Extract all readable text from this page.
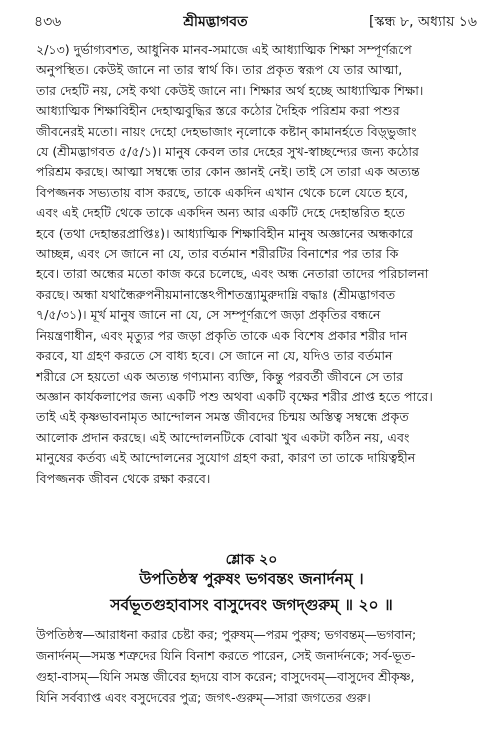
৪৩৬	শ্রীমদ্ভাগবত	[স্কন্ধ ৮, অধ্যায় ১৬
২/১৩) দুর্ভাগ্যবশত, আধুনিক মানব-সমাজে এই আধ্যাত্মিক শিক্ষা সম্পূর্ণরূপে
অনুপস্থিত। কেউই জানে না তার স্বার্থ কি। তার প্রকৃত স্বরূপ যে তার আত্মা,
তার দেহটি নয়, সেই কথা কেউই জানে না। শিক্ষার অর্থ হচ্ছে আধ্যাত্মিক শিক্ষা।
আধ্যাত্মিক শিক্ষাবিহীন দেহাত্মবুদ্ধির স্তরে কঠোর দৈহিক পরিশ্রম করা পশুর
জীবনেরই মতো। নায়ং দেহো দেহভাজাং নৃলোকে কষ্টান্ কামানর্হতে বিড়্‌ভুজাং
যে (শ্রীমদ্ভাগবত ৫/৫/১)। মানুষ কেবল তার দেহের সুখ-স্বাচ্ছন্দ্যের জন্য কঠোর
পরিশ্রম করছে। আত্মা সম্বন্ধে তার কোন জ্ঞানই নেই। তাই সে তারা এক অত্যন্ত
বিপজ্জনক সভ্যতায় বাস করছে, তাকে একদিন এখান থেকে চলে যেতে হবে,
এবং এই দেহটি থেকে তাকে একদিন অন্য আর একটি দেহে দেহান্তরিত হতে
হবে (তথা দেহান্তরপ্রাপ্তিঃ)। আধ্যাত্মিক শিক্ষাবিহীন মানুষ অজ্ঞানের অন্ধকারে
আচ্ছন্ন, এবং সে জানে না যে, তার বর্তমান শরীরটির বিনাশের পর তার কি
হবে। তারা অন্ধের মতো কাজ করে চলেছে, এবং অন্ধ নেতারা তাদের পরিচালনা
করছে। অন্ধা যথান্ধৈরুপনীয়মানাস্তেঽপীশতন্ত্র্যামুরুদাম্নি বদ্ধাঃ (শ্রীমদ্ভাগবত
৭/৫/৩১)। মূর্খ মানুষ জানে না যে, সে সম্পূর্ণরূপে জড়া প্রকৃতির বন্ধনে
নিয়ন্ত্রণাধীন, এবং মৃত্যুর পর জড়া প্রকৃতি তাকে এক বিশেষ প্রকার শরীর দান
করবে, যা গ্রহণ করতে সে বাধ্য হবে। সে জানে না যে, যদিও তার বর্তমান
শরীরে সে হয়তো এক অত্যন্ত গণ্যমান্য ব্যক্তি, কিন্তু পরবর্তী জীবনে সে তার
অজ্ঞান কার্যকলাপের জন্য একটি পশু অথবা একটি বৃক্ষের শরীর প্রাপ্ত হতে পারে।
তাই এই কৃষ্ণভাবনামৃত আন্দোলন সমস্ত জীবদের চিন্ময় অস্তিত্ব সম্বন্ধে প্রকৃত
আলোক প্রদান করছে। এই আন্দোলনটিকে বোঝা খুব একটা কঠিন নয়, এবং
মানুষের কর্তব্য এই আন্দোলনের সুযোগ গ্রহণ করা, কারণ তা তাকে দায়িত্বহীন
বিপজ্জনক জীবন থেকে রক্ষা করবে।
শ্লোক ২০
উপতিষ্ঠস্ব পুরুষং ভগবন্তং জনার্দনম্ ।
সর্বভূতগুহাবাসং বাসুদেবং জগদ্‌গুরুম্ ॥ ২০ ॥
উপতিষ্ঠস্ব—আরাধনা করার চেষ্টা কর; পুরুষম্—পরম পুরুষ; ভগবন্তম্—ভগবান;
জনার্দনম্—সমস্ত শত্রুদের যিনি বিনাশ করতে পারেন, সেই জনার্দনকে; সর্ব-ভূত-
গুহা-বাসম্—যিনি সমস্ত জীবের হৃদয়ে বাস করেন; বাসুদেবম্—বাসুদেব শ্রীকৃষ্ণ,
যিনি সর্বব্যাপ্ত এবং বসুদেবের পুত্র; জগৎ-গুরুম্—সারা জগতের গুরু।
